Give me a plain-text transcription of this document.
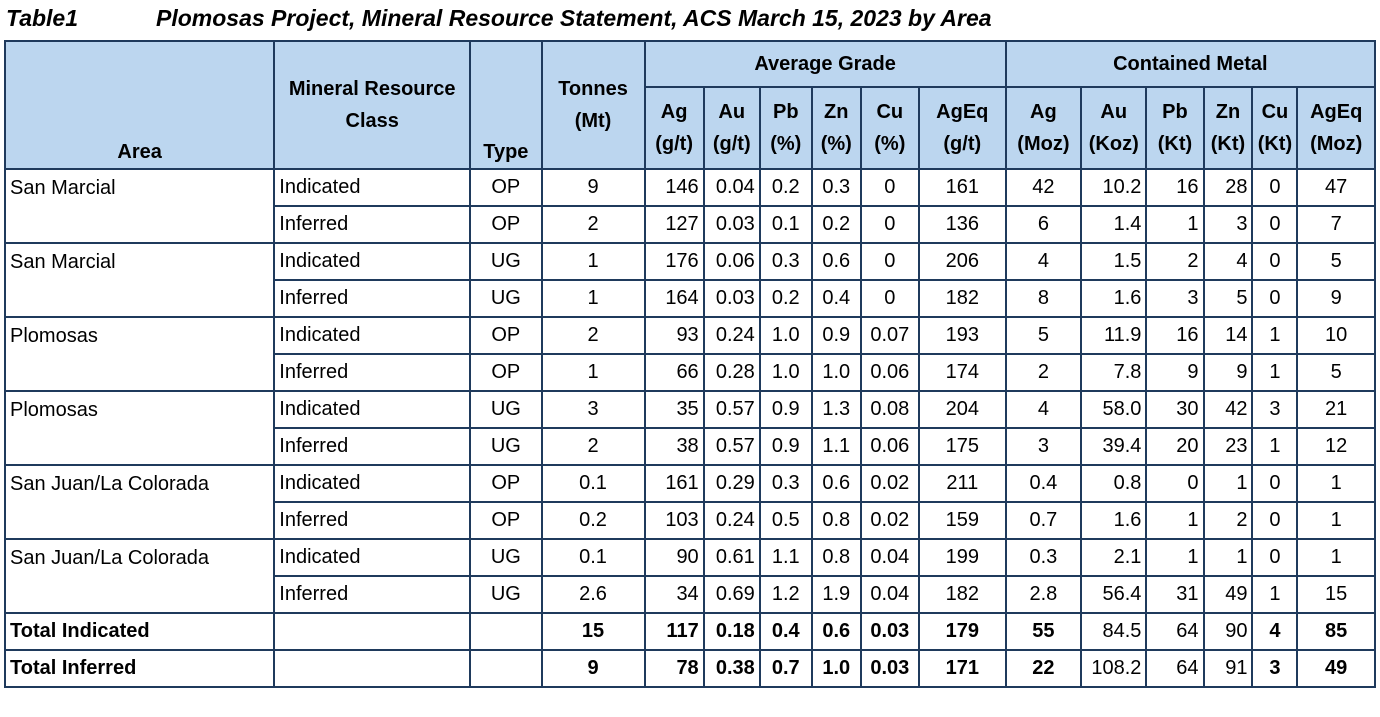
Table1	Plomosas Project, Mineral Resource Statement, ACS March 15, 2023 by Area
Area	Mineral Resource Class	Type	Tonnes (Mt)	Average Grade						Contained Metal					
				Ag (g/t)	Au (g/t)	Pb (%)	Zn (%)	Cu (%)	AgEq (g/t)	Ag (Moz)	Au (Koz)	Pb (Kt)	Zn (Kt)	Cu (Kt)	AgEq (Moz)
San Marcial	Indicated	OP	9	146	0.04	0.2	0.3	0	161	42	10.2	16	28	0	47
	Inferred	OP	2	127	0.03	0.1	0.2	0	136	6	1.4	1	3	0	7
San Marcial	Indicated	UG	1	176	0.06	0.3	0.6	0	206	4	1.5	2	4	0	5
	Inferred	UG	1	164	0.03	0.2	0.4	0	182	8	1.6	3	5	0	9
Plomosas	Indicated	OP	2	93	0.24	1.0	0.9	0.07	193	5	11.9	16	14	1	10
	Inferred	OP	1	66	0.28	1.0	1.0	0.06	174	2	7.8	9	9	1	5
Plomosas	Indicated	UG	3	35	0.57	0.9	1.3	0.08	204	4	58.0	30	42	3	21
	Inferred	UG	2	38	0.57	0.9	1.1	0.06	175	3	39.4	20	23	1	12
San Juan/La Colorada	Indicated	OP	0.1	161	0.29	0.3	0.6	0.02	211	0.4	0.8	0	1	0	1
	Inferred	OP	0.2	103	0.24	0.5	0.8	0.02	159	0.7	1.6	1	2	0	1
San Juan/La Colorada	Indicated	UG	0.1	90	0.61	1.1	0.8	0.04	199	0.3	2.1	1	1	0	1
	Inferred	UG	2.6	34	0.69	1.2	1.9	0.04	182	2.8	56.4	31	49	1	15
Total Indicated			15	117	0.18	0.4	0.6	0.03	179	55	84.5	64	90	4	85
Total Inferred			9	78	0.38	0.7	1.0	0.03	171	22	108.2	64	91	3	49
